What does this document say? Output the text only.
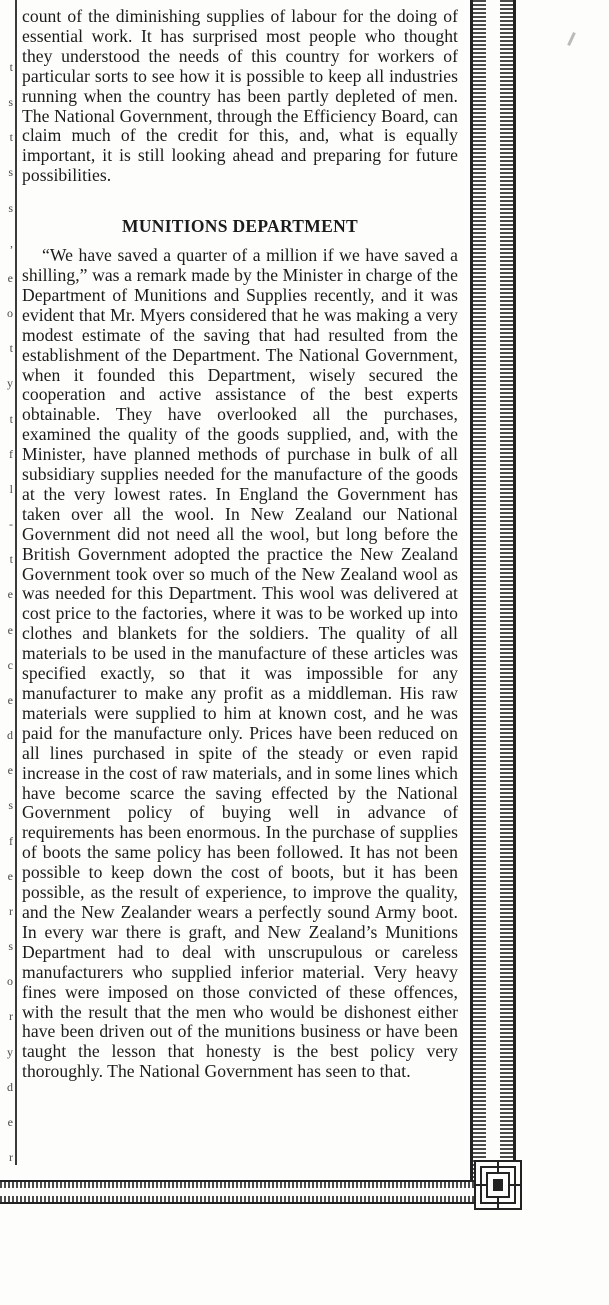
t
s
t
s
s
,
e
o
t
y
t
f
l
-
t
e
e
c
e
d
e
s
f
e
r
s
o
r
y
d
e
r

count of the diminishing supplies of labour for the doing of essential work. It has surprised most people who thought they understood the needs of this country for workers of particular sorts to see how it is possible to keep all industries running when the country has been partly depleted of men. The National Government, through the Efficiency Board, can claim much of the credit for this, and, what is equally important, it is still looking ahead and preparing for future possibilities.

MUNITIONS DEPARTMENT

“We have saved a quarter of a million if we have saved a shilling,” was a remark made by the Minister in charge of the Department of Munitions and Supplies recently, and it was evident that Mr. Myers considered that he was making a very modest estimate of the saving that had resulted from the establishment of the Department. The National Government, when it founded this Department, wisely secured the cooperation and active assistance of the best experts obtainable. They have overlooked all the purchases, examined the quality of the goods supplied, and, with the Minister, have planned methods of purchase in bulk of all subsidiary supplies needed for the manufacture of the goods at the very lowest rates. In England the Government has taken over all the wool. In New Zealand our National Government did not need all the wool, but long before the British Government adopted the practice the New Zealand Government took over so much of the New Zealand wool as was needed for this Department. This wool was delivered at cost price to the factories, where it was to be worked up into clothes and blankets for the soldiers. The quality of all materials to be used in the manufacture of these articles was specified exactly, so that it was impossible for any manufacturer to make any profit as a middleman. His raw materials were supplied to him at known cost, and he was paid for the manufacture only. Prices have been reduced on all lines purchased in spite of the steady or even rapid increase in the cost of raw materials, and in some lines which have become scarce the saving effected by the National Government policy of buying well in advance of requirements has been enormous. In the purchase of supplies of boots the same policy has been followed. It has not been possible to keep down the cost of boots, but it has been possible, as the result of experience, to improve the quality, and the New Zealander wears a perfectly sound Army boot. In every war there is graft, and New Zealand’s Munitions Department had to deal with unscrupulous or careless manufacturers who supplied inferior material. Very heavy fines were imposed on those convicted of these offences, with the result that the men who would be dishonest either have been driven out of the munitions business or have been taught the lesson that honesty is the best policy very thoroughly. The National Government has seen to that.
